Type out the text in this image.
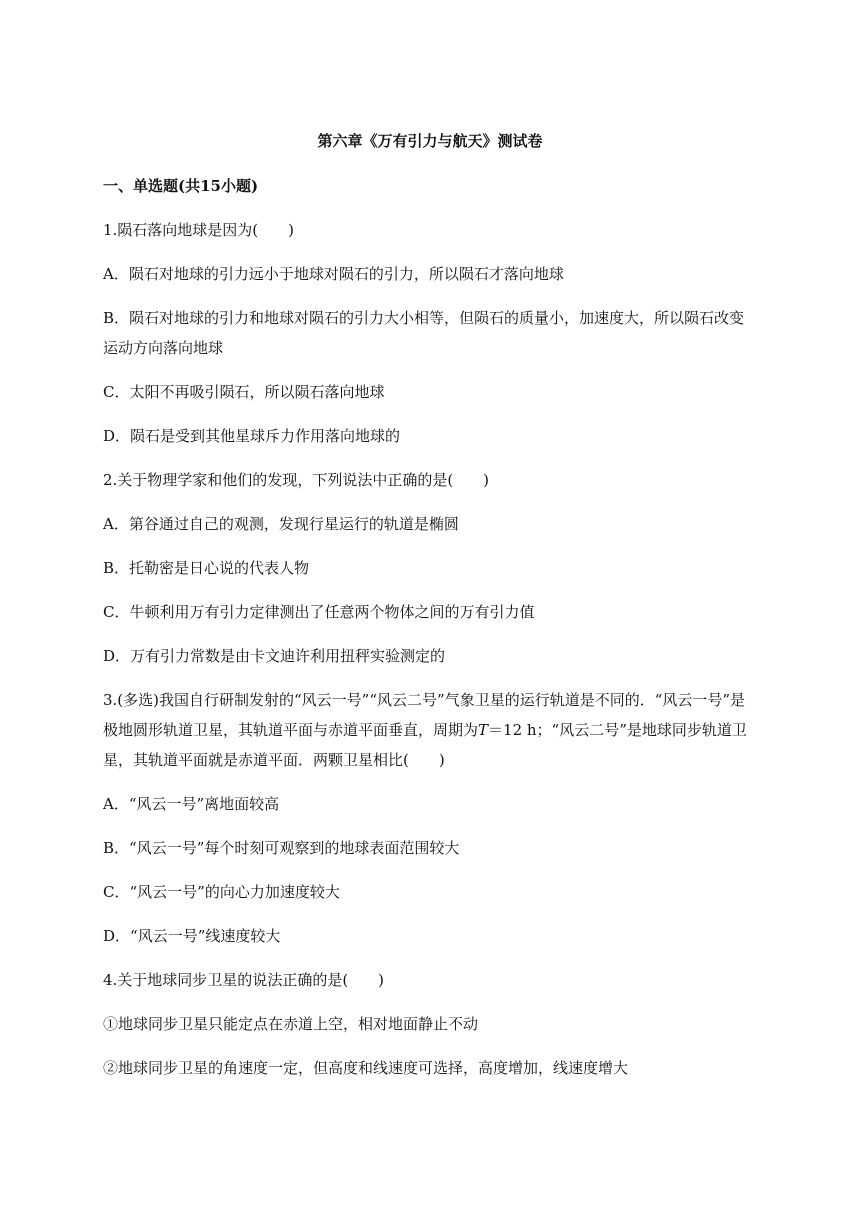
第六章《万有引力与航天》测试卷
一、单选题(共15小题)
1.陨石落向地球是因为(　　)
A．陨石对地球的引力远小于地球对陨石的引力，所以陨石才落向地球
B．陨石对地球的引力和地球对陨石的引力大小相等，但陨石的质量小，加速度大，所以陨石改变
运动方向落向地球
C．太阳不再吸引陨石，所以陨石落向地球
D．陨石是受到其他星球斥力作用落向地球的
2.关于物理学家和他们的发现，下列说法中正确的是(　　)
A．第谷通过自己的观测，发现行星运行的轨道是椭圆
B．托勒密是日心说的代表人物
C．牛顿利用万有引力定律测出了任意两个物体之间的万有引力值
D．万有引力常数是由卡文迪许利用扭秤实验测定的
3.(多选)我国自行研制发射的“风云一号”“风云二号”气象卫星的运行轨道是不同的．“风云一号”是
极地圆形轨道卫星，其轨道平面与赤道平面垂直，周期为T＝12 h；“风云二号”是地球同步轨道卫
星，其轨道平面就是赤道平面．两颗卫星相比(　　)
A．“风云一号”离地面较高
B．“风云一号”每个时刻可观察到的地球表面范围较大
C．“风云一号”的向心力加速度较大
D．“风云一号”线速度较大
4.关于地球同步卫星的说法正确的是(　　)
①地球同步卫星只能定点在赤道上空，相对地面静止不动
②地球同步卫星的角速度一定，但高度和线速度可选择，高度增加，线速度增大
